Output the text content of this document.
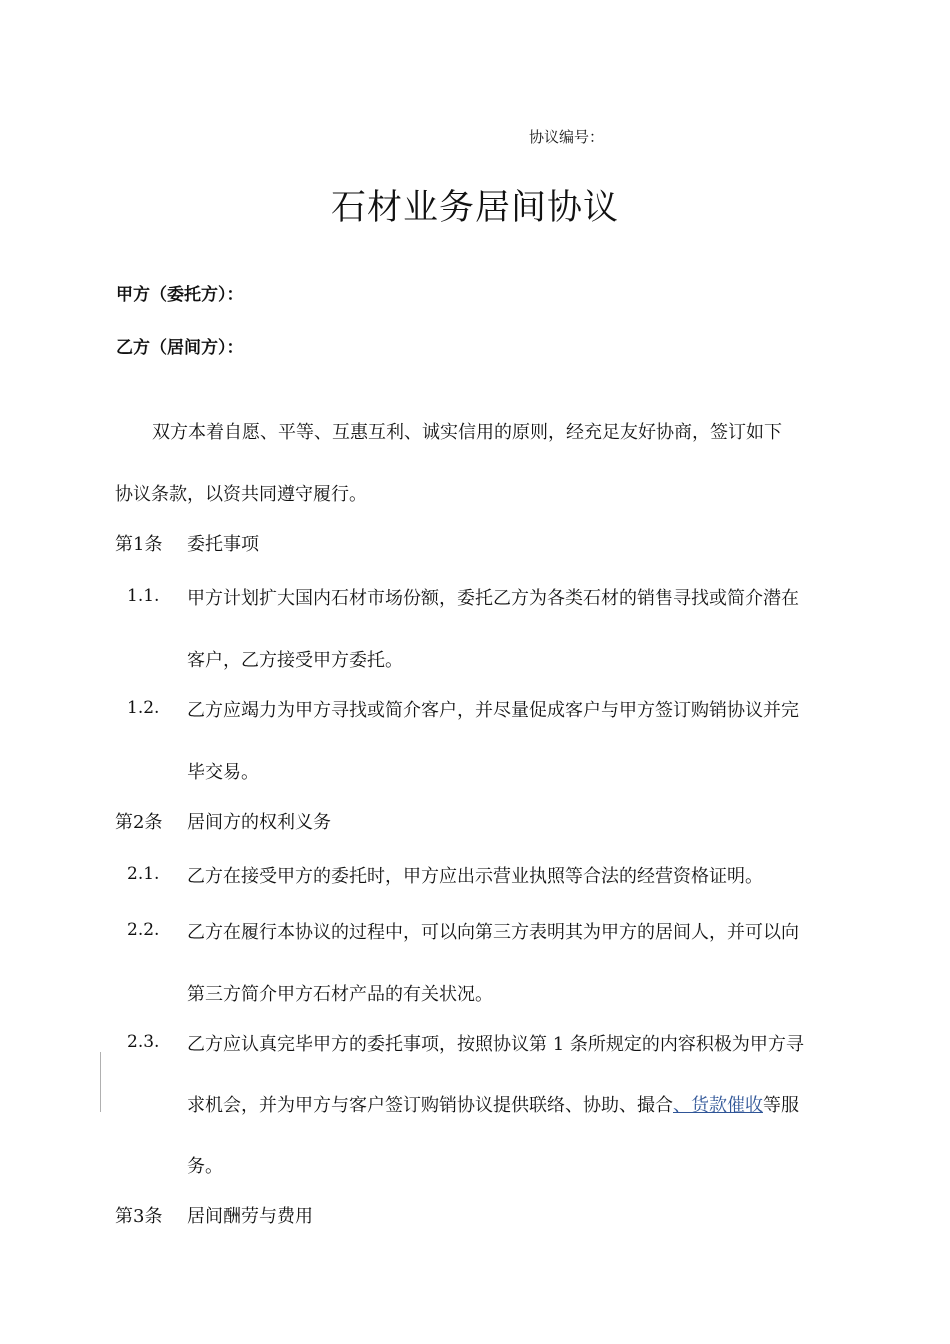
协议编号：
石材业务居间协议
甲方（委托方）：
乙方（居间方）：
双方本着自愿、平等、互惠互利、诚实信用的原则，经充足友好协商，签订如下
协议条款，以资共同遵守履行。
第1条 委托事项
1.1. 甲方计划扩大国内石材市场份额，委托乙方为各类石材的销售寻找或简介潜在
客户，乙方接受甲方委托。
1.2. 乙方应竭力为甲方寻找或简介客户，并尽量促成客户与甲方签订购销协议并完
毕交易。
第2条 居间方的权利义务
2.1. 乙方在接受甲方的委托时，甲方应出示营业执照等合法的经营资格证明。
2.2. 乙方在履行本协议的过程中，可以向第三方表明其为甲方的居间人，并可以向
第三方简介甲方石材产品的有关状况。
2.3. 乙方应认真完毕甲方的委托事项，按照协议第 1 条所规定的内容积极为甲方寻
求机会，并为甲方与客户签订购销协议提供联络、协助、撮合、货款催收等服
务。
第3条 居间酬劳与费用
